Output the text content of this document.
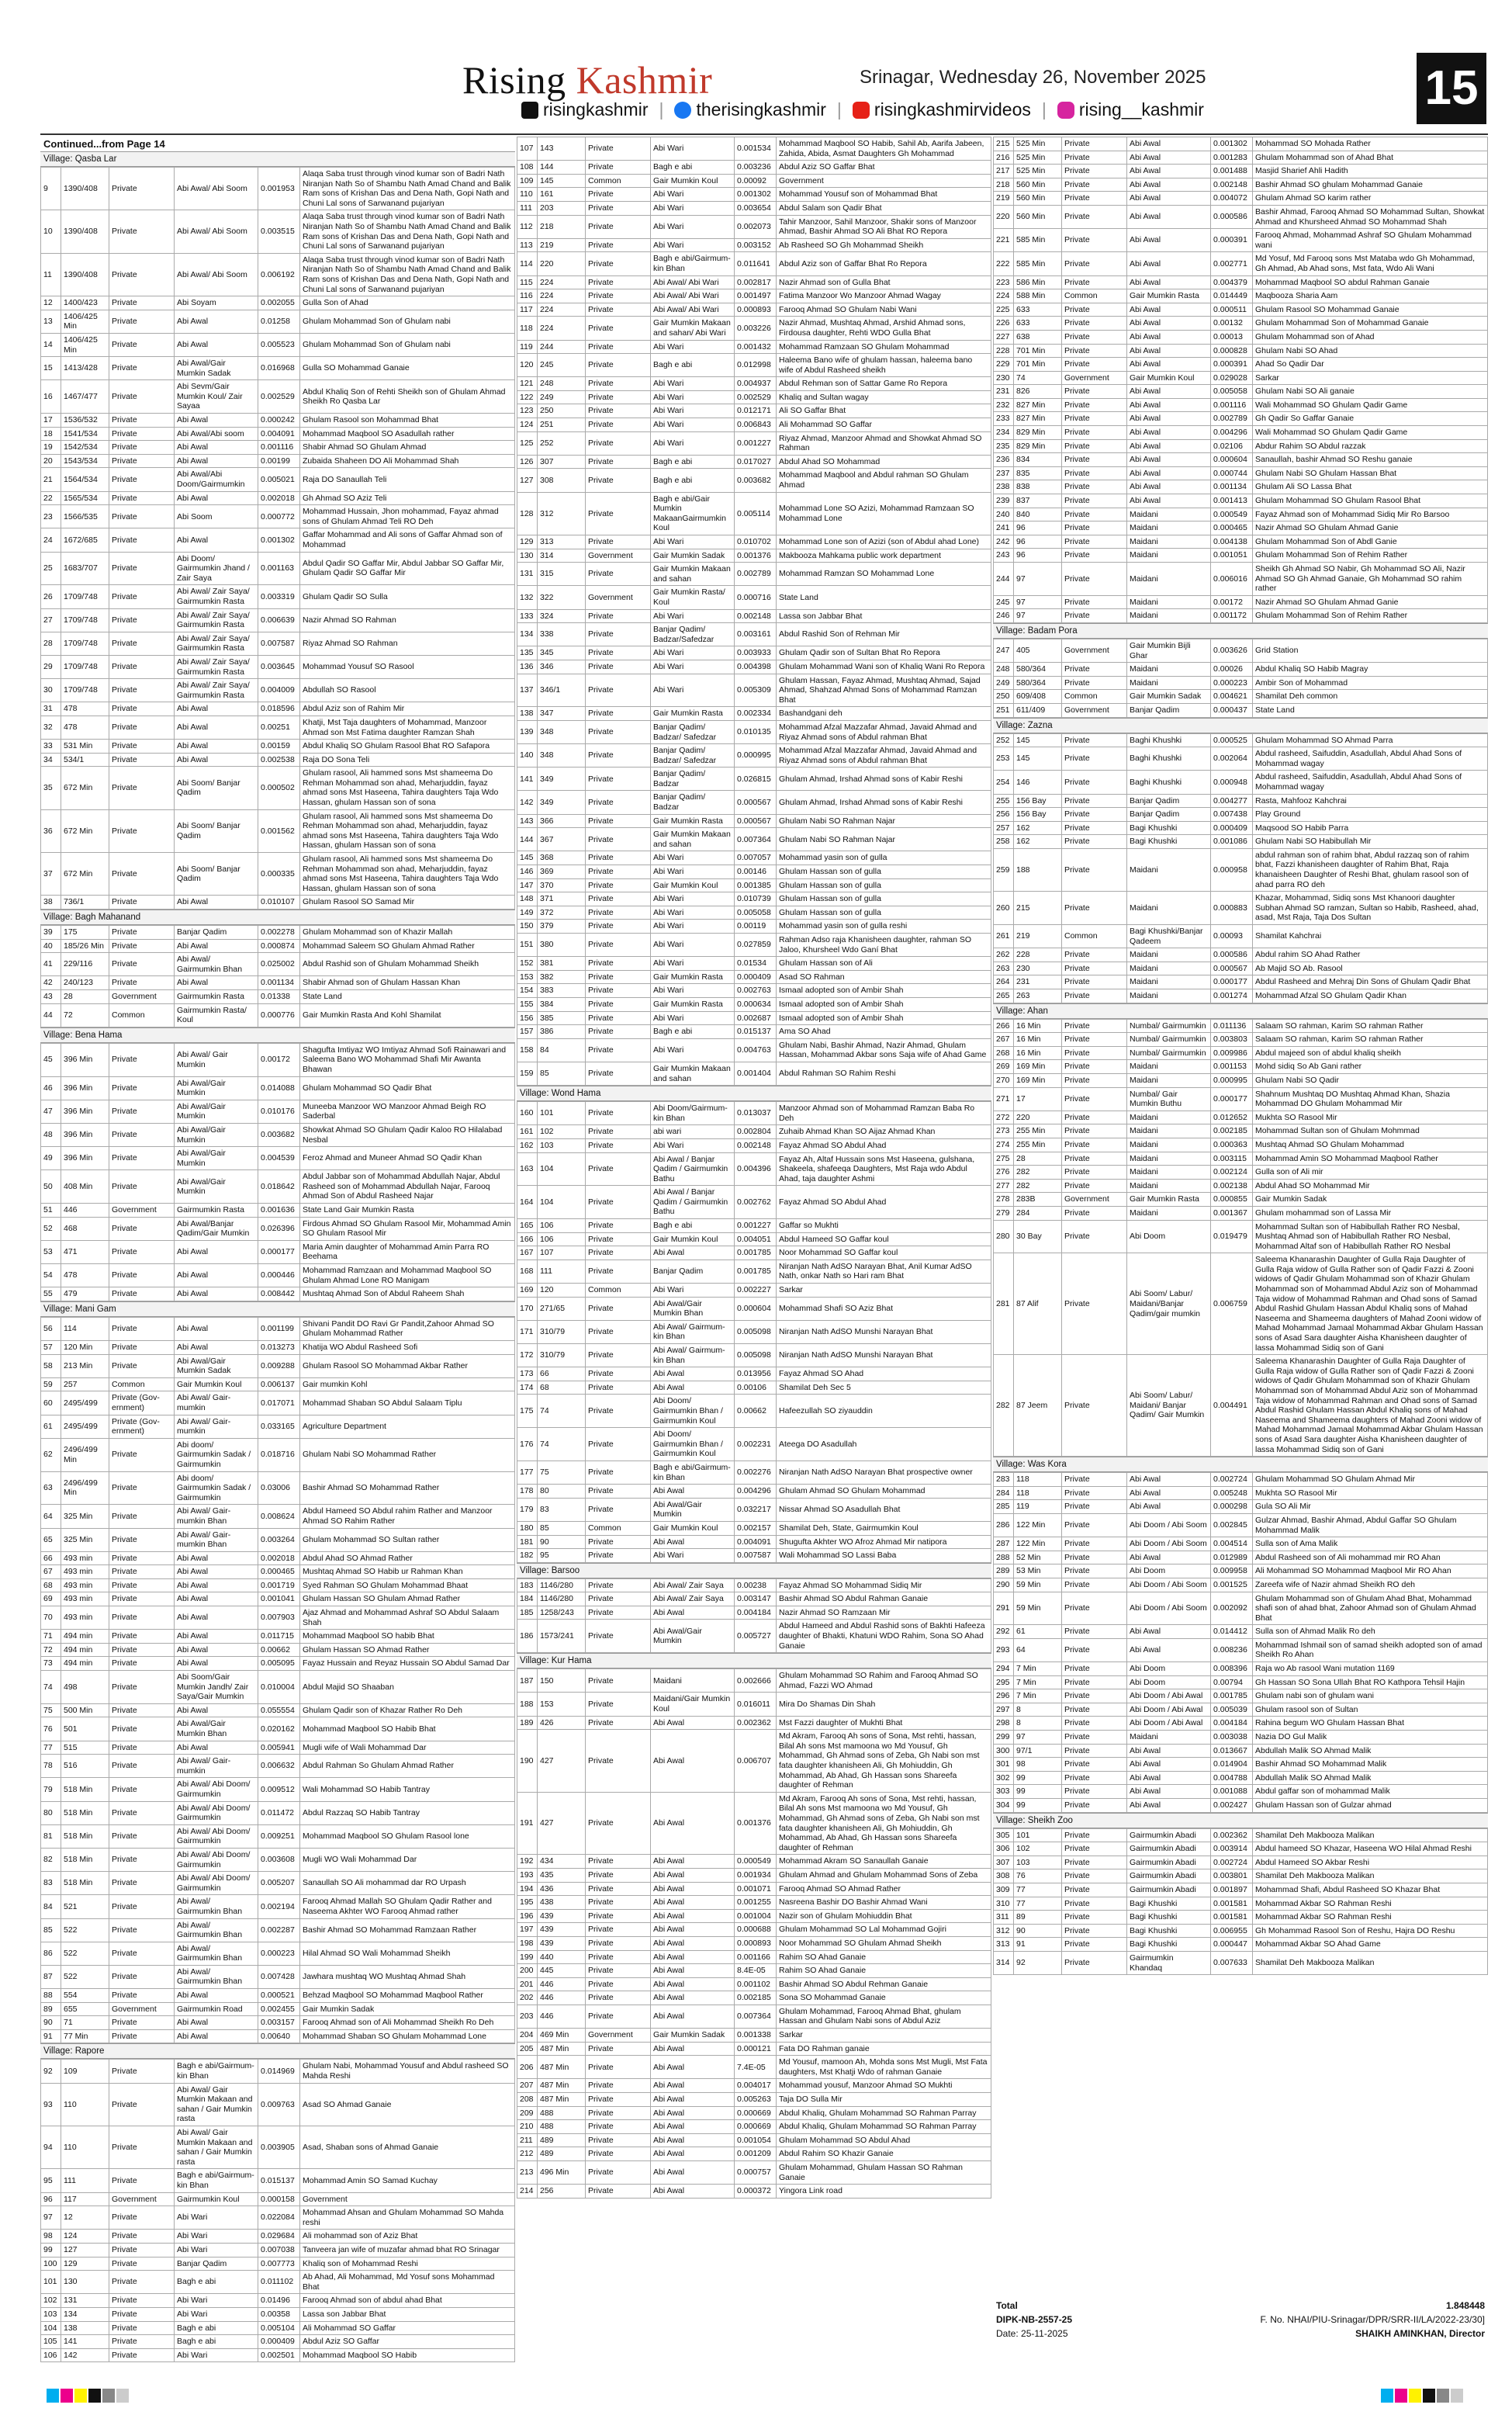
Rising Kashmir	Srinagar, Wednesday 26, November 2025
risingkashmir |	therisingkashmir |	risingkashmirvideos |	rising__kashmir	15
Continued...from Page 14
Village: Qasba Lar
9	1390/408	Private	Abi Awal/ Abi Soom	0.001953	Alaqa Saba trust through vinod kumar son of Badri Nath Niranjan Nath So of Shambu Nath Amad Chand and Balik Ram sons of Krishan Das and Dena Nath, Gopi Nath and Chuni Lal sons of Sarwanand pujariyan
10	1390/408	Private	Abi Awal/ Abi Soom	0.003515	Alaqa Saba trust through vinod kumar son of Badri Nath Niranjan Nath So of Shambu Nath Amad Chand and Balik Ram sons of Krishan Das and Dena Nath, Gopi Nath and Chuni Lal sons of Sarwanand pujariyan
11	1390/408	Private	Abi Awal/ Abi Soom	0.006192	Alaqa Saba trust through vinod kumar son of Badri Nath Niranjan Nath So of Shambu Nath Amad Chand and Balik Ram sons of Krishan Das and Dena Nath, Gopi Nath and Chuni Lal sons of Sarwanand pujariyan
12	1400/423	Private	Abi Soyam	0.002055	Gulla Son of Ahad
13	1406/425 Min	Private	Abi Awal	0.01258	Ghulam Mohammad Son of Ghulam nabi
14	1406/425 Min	Private	Abi Awal	0.005523	Ghulam Mohammad Son of Ghulam nabi
15	1413/428	Private	Abi Awal/Gair Mumkin Sadak	0.016968	Gulla SO Mohammad Ganaie
16	1467/477	Private	Abi Sevm/Gair Mumkin Koul/ Zair Sayaa	0.002529	Abdul Khaliq Son of Rehti Sheikh son of Ghulam Ahmad Sheikh Ro Qasba Lar
17	1536/532	Private	Abi Awal	0.000242	Ghulam Rasool son Mohammad Bhat
18	1541/534	Private	Abi Awal/Abi soom	0.004091	Mohammad Maqbool SO Asadullah rather
19	1542/534	Private	Abi Awal	0.001116	Shabir Ahmad SO Ghulam Ahmad
20	1543/534	Private	Abi Awal	0.00199	Zubaida Shaheen DO Ali Mohammad Shah
21	1564/534	Private	Abi Awal/Abi Doom/Gairmumkin	0.005021	Raja DO Sanaullah Teli
22	1565/534	Private	Abi Awal	0.002018	Gh Ahmad SO Aziz Teli
23	1566/535	Private	Abi Soom	0.000772	Mohammad Hussain, Jhon mohammad, Fayaz ahmad sons of Ghulam Ahmad Teli RO Deh
24	1672/685	Private	Abi Awal	0.001302	Gaffar Mohammad and Ali sons of Gaffar Ahmad son of Mohammad
25	1683/707	Private	Abi Doom/ Gairmumkin Jhand / Zair Saya	0.001163	Abdul Qadir SO Gaffar Mir, Abdul Jabbar SO Gaffar Mir, Ghulam Qadir SO Gaffar Mir
26	1709/748	Private	Abi Awal/ Zair Saya/ Gairmumkin Rasta	0.003319	Ghulam Qadir SO Sulla
27	1709/748	Private	Abi Awal/ Zair Saya/ Gairmumkin Rasta	0.006639	Nazir Ahmad SO Rahman
28	1709/748	Private	Abi Awal/ Zair Saya/ Gairmumkin Rasta	0.007587	Riyaz Ahmad SO Rahman
29	1709/748	Private	Abi Awal/ Zair Saya/ Gairmumkin Rasta	0.003645	Mohammad Yousuf SO Rasool
30	1709/748	Private	Abi Awal/ Zair Saya/ Gairmumkin Rasta	0.004009	Abdullah SO Rasool
31	478	Private	Abi Awal	0.018596	Abdul Aziz son of Rahim Mir
32	478	Private	Abi Awal	0.00251	Khatji, Mst Taja daughters of Mohammad, Manzoor Ahmad son Mst Fatima daughter Ramzan Shah
33	531 Min	Private	Abi Awal	0.00159	Abdul Khaliq SO Ghulam Rasool Bhat RO Safapora
34	534/1	Private	Abi Awal	0.002538	Raja DO Sona Teli
35	672 Min	Private	Abi Soom/ Banjar Qadim	0.000502	Ghulam rasool, Ali hammed sons Mst shameema Do Rehman Mohammad son ahad, Meharjuddin, fayaz ahmad sons Mst Haseena, Tahira daughters Taja Wdo Hassan, ghulam Hassan son of sona
36	672 Min	Private	Abi Soom/ Banjar Qadim	0.001562	Ghulam rasool, Ali hammed sons Mst shameema Do Rehman Mohammad son ahad, Meharjuddin, fayaz ahmad sons Mst Haseena, Tahira daughters Taja Wdo Hassan, ghulam Hassan son of sona
37	672 Min	Private	Abi Soom/ Banjar Qadim	0.000335	Ghulam rasool, Ali hammed sons Mst shameema Do Rehman Mohammad son ahad, Meharjuddin, fayaz ahmad sons Mst Haseena, Tahira daughters Taja Wdo Hassan, ghulam Hassan son of sona
38	736/1	Private	Abi Awal	0.010107	Ghulam Rasool SO Samad Mir
Village: Bagh Mahanand
39	175	Private	Banjar Qadim	0.002278	Ghulam Mohammad son of Khazir Mallah
40	185/26 Min	Private	Abi Awal	0.000874	Mohammad Saleem SO Ghulam Ahmad Rather
41	229/116	Private	Abi Awal/ Gairmumkin Bhan	0.025002	Abdul Rashid son of Ghulam Mohammad Sheikh
42	240/123	Private	Abi Awal	0.001134	Shabir Ahmad son of Ghulam Hassan Khan
43	28	Government	Gairmumkin Rasta	0.01338	State Land
44	72	Common	Gairmumkin Rasta/ Koul	0.000776	Gair Mumkin Rasta And Kohl Shamilat
Village: Bena Hama
45	396 Min	Private	Abi Awal/ Gair Mumkin	0.00172	Shagufta Imtiyaz WO Imtiyaz Ahmad Sofi Rainawari and Saleema Bano WO Mohammad Shafi Mir Awanta Bhawan
46	396 Min	Private	Abi Awal/Gair Mumkin	0.014088	Ghulam Mohammad SO Qadir Bhat
47	396 Min	Private	Abi Awal/Gair Mumkin	0.010176	Muneeba Manzoor WO Manzoor Ahmad Beigh RO Saderbal
48	396 Min	Private	Abi Awal/Gair Mumkin	0.003682	Showkat Ahmad SO Ghulam Qadir Kaloo RO Hilalabad Nesbal
49	396 Min	Private	Abi Awal/Gair Mumkin	0.004539	Feroz Ahmad and Muneer Ahmad SO Qadir Khan
50	408 Min	Private	Abi Awal/Gair Mumkin	0.018642	Abdul Jabbar son of Mohammad Abdullah Najar, Abdul Rasheed son of Mohammad Abdullah Najar, Farooq Ahmad Son of Abdul Rasheed Najar
51	446	Government	Gairmumkin Rasta	0.001636	State Land Gair Mumkin Rasta
52	468	Private	Abi Awal/Banjar Qadim/Gair Mumkin	0.026396	Firdous Ahmad SO Ghulam Rasool Mir, Mohammad Amin SO Ghulam Rasool Mir
53	471	Private	Abi Awal	0.000177	Maria Amin daughter of Mohammad Amin Parra RO Beehama
54	478	Private	Abi Awal	0.000446	Mohammad Ramzaan and Mohammad Maqbool SO Ghulam Ahmad Lone RO Manigam
55	479	Private	Abi Awal	0.008442	Mushtaq Ahmad Son of Abdul Raheem Shah
Village: Mani Gam
56	114	Private	Abi Awal	0.001199	Shivani Pandit DO Ravi Gr Pandit,Zahoor Ahmad SO Ghulam Mohammad Rather
57	120 Min	Private	Abi Awal	0.013273	Khatija WO Abdul Rasheed Sofi
58	213 Min	Private	Abi Awal/Gair Mumkin Sadak	0.009288	Ghulam Rasool SO Mohammad Akbar Rather
59	257	Common	Gair Mumkin Koul	0.006137	Gair mumkin Kohl
60	2495/499	Private (Gov-ernment)	Abi Awal/ Gair-mumkin	0.017071	Mohammad Shaban SO Abdul Salaam Tiplu
61	2495/499	Private (Gov-ernment)	Abi Awal/ Gair-mumkin	0.033165	Agriculture Department
62	2496/499 Min	Private	Abi doom/ Gairmumkin Sadak / Gairmumkin	0.018716	Ghulam Nabi SO Mohammad Rather
63	2496/499 Min	Private	Abi doom/ Gairmumkin Sadak / Gairmumkin	0.03006	Bashir Ahmad SO Mohammad Rather
64	325 Min	Private	Abi Awal/ Gair-mumkin Bhan	0.008624	Abdul Hameed SO Abdul rahim Rather and Manzoor Ahmad SO Rahim Rather
65	325 Min	Private	Abi Awal/ Gair-mumkin Bhan	0.003264	Ghulam Mohammad SO Sultan rather
66	493 min	Private	Abi Awal	0.002018	Abdul Ahad SO Ahmad Rather
67	493 min	Private	Abi Awal	0.000465	Mushtaq Ahmad SO Habib ur Rahman Khan
68	493 min	Private	Abi Awal	0.001719	Syed Rahman SO Ghulam Mohammad Bhaat
69	493 min	Private	Abi Awal	0.001041	Ghulam Hassan SO Ghulam Ahmad Rather
70	493 min	Private	Abi Awal	0.007903	Ajaz Ahmad and Mohammad Ashraf SO Abdul Salaam Shah
71	494 min	Private	Abi Awal	0.011715	Mohammad Maqbool SO habib Bhat
72	494 min	Private	Abi Awal	0.00662	Ghulam Hassan SO Ahmad Rather
73	494 min	Private	Abi Awal	0.005095	Fayaz Hussain and Reyaz Hussain SO Abdul Samad Dar
74	498	Private	Abi Soom/Gair Mumkin Jandh/ Zair Saya/Gair Mumkin	0.010004	Abdul Majid SO Shaaban
75	500 Min	Private	Abi Awal	0.055554	Ghulam Qadir son of Khazar Rather Ro Deh
76	501	Private	Abi Awal/Gair Mumkin Bhan	0.020162	Mohammad Maqbool SO Habib Bhat
77	515	Private	Abi Awal	0.005941	Mugli wife of Wali Mohammad Dar
78	516	Private	Abi Awal/ Gair-mumkin	0.006632	Abdul Rahman So Ghulam Ahmad Rather
79	518 Min	Private	Abi Awal/ Abi Doom/ Gairmumkin	0.009512	Wali Mohammad SO Habib Tantray
80	518 Min	Private	Abi Awal/ Abi Doom/ Gairmumkin	0.011472	Abdul Razzaq SO Habib Tantray
81	518 Min	Private	Abi Awal/ Abi Doom/ Gairmumkin	0.009251	Mohammad Maqbool SO Ghulam Rasool lone
82	518 Min	Private	Abi Awal/ Abi Doom/ Gairmumkin	0.003608	Mugli WO Wali Mohammad Dar
83	518 Min	Private	Abi Awal/ Abi Doom/ Gairmumkin	0.005207	Sanaullah SO Ali mohammad dar RO Urpash
84	521	Private	Abi Awal/ Gairmumkin Bhan	0.002194	Farooq Ahmad Mallah SO Ghulam Qadir Rather and Naseema Akhter WO Farooq Ahmad rather
85	522	Private	Abi Awal/ Gairmumkin Bhan	0.002287	Bashir Ahmad SO Mohammad Ramzaan Rather
86	522	Private	Abi Awal/ Gairmumkin Bhan	0.000223	Hilal Ahmad SO Wali Mohammad Sheikh
87	522	Private	Abi Awal/ Gairmumkin Bhan	0.007428	Jawhara mushtaq WO Mushtaq Ahmad Shah
88	554	Private	Abi Awal	0.000521	Behzad Maqbool SO Mohammad Maqbool Rather
89	655	Government	Gairmumkin Road	0.002455	Gair Mumkin Sadak
90	71	Private	Abi Awal	0.003157	Farooq Ahmad son of Ali Mohammad Sheikh Ro Deh
91	77 Min	Private	Abi Awal	0.00640	Mohammad Shaban SO Ghulam Mohammad Lone
Village: Rapore
92	109	Private	Bagh e abi/Gairmum-kin Bhan	0.014969	Ghulam Nabi, Mohammad Yousuf and Abdul rasheed SO Mahda Reshi
93	110	Private	Abi Awal/ Gair Mumkin Makaan and sahan / Gair Mumkin rasta	0.009763	Asad SO Ahmad Ganaie
94	110	Private	Abi Awal/ Gair Mumkin Makaan and sahan / Gair Mumkin rasta	0.003905	Asad, Shaban sons of Ahmad Ganaie
95	111	Private	Bagh e abi/Gairmum-kin Bhan	0.015137	Mohammad Amin SO Samad Kuchay
96	117	Government	Gairmumkin Koul	0.000158	Government
97	12	Private	Abi Wari	0.022084	Mohammad Ahsan and Ghulam Mohammad SO Mahda reshi
98	124	Private	Abi Wari	0.029684	Ali mohammad son of Aziz Bhat
99	127	Private	Abi Wari	0.007038	Tanveera jan wife of muzafar ahmad bhat RO Srinagar
100	129	Private	Banjar Qadim	0.007773	Khaliq son of Mohammad Reshi
101	130	Private	Bagh e abi	0.011102	Ab Ahad, Ali Mohammad, Md Yosuf sons Mohammad Bhat
102	131	Private	Abi Wari	0.01496	Farooq Ahmad son of abdul ahad Bhat
103	134	Private	Abi Wari	0.00358	Lassa son Jabbar Bhat
104	138	Private	Bagh e abi	0.005104	Ali Mohammad SO Gaffar
105	141	Private	Bagh e abi	0.000409	Abdul Aziz SO Gaffar
106	142	Private	Abi Wari	0.002501	Mohammad Maqbool SO Habib
107	143	Private	Abi Wari	0.001534	Mohammad Maqbool SO Habib, Sahil Ab, Aarifa Jabeen, Zahida, Abida, Asmat Daughters Gh Mohammad
108	144	Private	Bagh e abi	0.003236	Abdul Aziz SO Gaffar Bhat
109	145	Common	Gair Mumkin Koul	0.00092	Government
110	161	Private	Abi Wari	0.001302	Mohammad Yousuf son of Mohammad Bhat
111	203	Private	Abi Wari	0.003654	Abdul Salam son Qadir Bhat
112	218	Private	Abi Wari	0.002073	Tahir Manzoor, Sahil Manzoor, Shakir sons of Manzoor Ahmad, Bashir Ahmad SO Ali Bhat RO Repora
113	219	Private	Abi Wari	0.003152	Ab Rasheed SO Gh Mohammad Sheikh
114	220	Private	Bagh e abi/Gairmum-kin Bhan	0.011641	Abdul Aziz son of Gaffar Bhat Ro Repora
115	224	Private	Abi Awal/ Abi Wari	0.002817	Nazir Ahmad son of Gulla Bhat
116	224	Private	Abi Awal/ Abi Wari	0.001497	Fatima Manzoor Wo Manzoor Ahmad Wagay
117	224	Private	Abi Awal/ Abi Wari	0.000893	Farooq Ahmad SO Ghulam Nabi Wani
118	224	Private	Gair Mumkin Makaan and sahan/ Abi Wari	0.003226	Nazir Ahmad, Mushtaq Ahmad, Arshid Ahmad sons, Firdousa daughter, Rehti WDO Gulla Bhat
119	244	Private	Abi Wari	0.001432	Mohammad Ramzaan SO Ghulam Mohammad
120	245	Private	Bagh e abi	0.012998	Haleema Bano wife of ghulam hassan, haleema bano wife of Abdul Rasheed sheikh
121	248	Private	Abi Wari	0.004937	Abdul Rehman son of Sattar Game Ro Repora
122	249	Private	Abi Wari	0.002529	Khaliq and Sultan wagay
123	250	Private	Abi Wari	0.012171	Ali SO Gaffar Bhat
124	251	Private	Abi Wari	0.006843	Ali Mohammad SO Gaffar
125	252	Private	Abi Wari	0.001227	Riyaz Ahmad, Manzoor Ahmad and Showkat Ahmad SO Rahman
126	307	Private	Bagh e abi	0.017027	Abdul Ahad SO Mohammad
127	308	Private	Bagh e abi	0.003682	Mohammad Maqbool and Abdul rahman SO Ghulam Ahmad
128	312	Private	Bagh e abi/Gair Mumkin MakaanGairmumkin Koul	0.005114	Mohammad Lone SO Azizi, Mohammad Ramzaan SO Mohammad Lone
129	313	Private	Abi Wari	0.010702	Mohammad Lone son of Azizi (son of Abdul ahad Lone)
130	314	Government	Gair Mumkin Sadak	0.001376	Makbooza Mahkama public work department
131	315	Private	Gair Mumkin Makaan and sahan	0.002789	Mohammad Ramzan SO Mohammad Lone
132	322	Government	Gair Mumkin Rasta/ Koul	0.000716	State Land
133	324	Private	Abi Wari	0.002148	Lassa son Jabbar Bhat
134	338	Private	Banjar Qadim/ Badzar/Safedzar	0.003161	Abdul Rashid Son of Rehman Mir
135	345	Private	Abi Wari	0.003933	Ghulam Qadir son of Sultan Bhat Ro Repora
136	346	Private	Abi Wari	0.004398	Ghulam Mohammad Wani son of Khaliq Wani Ro Repora
137	346/1	Private	Abi Wari	0.005309	Ghulam Hassan, Fayaz Ahmad, Mushtaq Ahmad, Sajad Ahmad, Shahzad Ahmad Sons of Mohammad Ramzan Bhat
138	347	Private	Gair Mumkin Rasta	0.002334	Bashandgani deh
139	348	Private	Banjar Qadim/ Badzar/ Safedzar	0.010135	Mohammad Afzal Mazzafar Ahmad, Javaid Ahmad and Riyaz Ahmad sons of Abdul rahman Bhat
140	348	Private	Banjar Qadim/ Badzar/ Safedzar	0.000995	Mohammad Afzal Mazzafar Ahmad, Javaid Ahmad and Riyaz Ahmad sons of Abdul rahman Bhat
141	349	Private	Banjar Qadim/ Badzar	0.026815	Ghulam Ahmad, Irshad Ahmad sons of Kabir Reshi
142	349	Private	Banjar Qadim/ Badzar	0.000567	Ghulam Ahmad, Irshad Ahmad sons of Kabir Reshi
143	366	Private	Gair Mumkin Rasta	0.000567	Ghulam Nabi SO Rahman Najar
144	367	Private	Gair Mumkin Makaan and sahan	0.007364	Ghulam Nabi SO Rahman Najar
145	368	Private	Abi Wari	0.007057	Mohammad yasin son of gulla
146	369	Private	Abi Wari	0.00146	Ghulam Hassan son of gulla
147	370	Private	Gair Mumkin Koul	0.001385	Ghulam Hassan son of gulla
148	371	Private	Abi Wari	0.010739	Ghulam Hassan son of gulla
149	372	Private	Abi Wari	0.005058	Ghulam Hassan son of gulla
150	379	Private	Abi Wari	0.00119	Mohammad yasin son of gulla reshi
151	380	Private	Abi Wari	0.027859	Rahman Adso raja Khanisheen daughter, rahman SO Jaloo, Khursheel Wdo Ganí Bhat
152	381	Private	Abi Wari	0.01534	Ghulam Hassan son of Ali
153	382	Private	Gair Mumkin Rasta	0.000409	Asad SO Rahman
154	383	Private	Abi Wari	0.002763	Ismaal adopted son of Ambir Shah
155	384	Private	Gair Mumkin Rasta	0.000634	Ismaal adopted son of Ambir Shah
156	385	Private	Abi Wari	0.002687	Ismaal adopted son of Ambir Shah
157	386	Private	Bagh e abi	0.015137	Ama SO Ahad
158	84	Private	Abi Wari	0.004763	Ghulam Nabi, Bashir Ahmad, Nazir Ahmad, Ghulam Hassan, Mohammad Akbar sons Saja wife of Ahad Game
159	85	Private	Gair Mumkin Makaan and sahan	0.001404	Abdul Rahman SO Rahim Reshi
Village: Wond Hama
160	101	Private	Abi Doom/Gairmum-kin Bhan	0.013037	Manzoor Ahmad son of Mohammad Ramzan Baba Ro Deh
161	102	Private	abi wari	0.002804	Zuhaib Ahmad Khan SO Aijaz Ahmad Khan
162	103	Private	Abi Wari	0.002148	Fayaz Ahmad SO Abdul Ahad
163	104	Private	Abi Awal / Banjar Qadim / Gairmumkin Bathu	0.004396	Fayaz Ah, Altaf Hussain sons Mst Haseena, gulshana, Shakeela, shafeeqa Daughters, Mst Raja wdo Abdul Ahad, taja daughter Ashmi
164	104	Private	Abi Awal / Banjar Qadim / Gairmumkin Bathu	0.002762	Fayaz Ahmad SO Abdul Ahad
165	106	Private	Bagh e abi	0.001227	Gaffar so Mukhti
166	106	Private	Gair Mumkin Koul	0.004051	Abdul Hameed SO Gaffar koul
167	107	Private	Abi Awal	0.001785	Noor Mohammad SO Gaffar koul
168	111	Private	Banjar Qadim	0.001785	Niranjan Nath AdSO Narayan Bhat, Anil Kumar AdSO Nath, onkar Nath so Hari ram Bhat
169	120	Common	Abi Wari	0.002227	Sarkar
170	271/65	Private	Abi Awal/Gair Mumkin Bhan	0.000604	Mohammad Shafi SO Aziz Bhat
171	310/79	Private	Abi Awal/ Gairmum-kin Bhan	0.005098	Niranjan Nath AdSO Munshi Narayan Bhat
172	310/79	Private	Abi Awal/ Gairmum-kin Bhan	0.005098	Niranjan Nath AdSO Munshi Narayan Bhat
173	66	Private	Abi Awal	0.013956	Fayaz Ahmad SO Ahad
174	68	Private	Abi Awal	0.00106	Shamilat Deh Sec 5
175	74	Private	Abi Doom/ Gairmumkin Bhan / Gairmumkin Koul	0.00662	Hafeezullah SO ziyauddin
176	74	Private	Abi Doom/ Gairmumkin Bhan / Gairmumkin Koul	0.002231	Ateega DO Asadullah
177	75	Private	Bagh e abi/Gairmum-kin Bhan	0.002276	Niranjan Nath AdSO Narayan Bhat prospective owner
178	80	Private	Abi Awal	0.004296	Ghulam Ahmad SO Ghulam Mohammad
179	83	Private	Abi Awal/Gair Mumkin	0.032217	Nissar Ahmad SO Asadullah Bhat
180	85	Common	Gair Mumkin Koul	0.002157	Shamilat Deh, State, Gairmumkin Koul
181	90	Private	Abi Awal	0.004091	Shugufta Akhter WO Afroz Ahmad Mir natipora
182	95	Private	Abi Wari	0.007587	Wali Mohammad SO Lassi Baba
Village: Barsoo
183	1146/280	Private	Abi Awal/ Zair Saya	0.00238	Fayaz Ahmad SO Mohammad Sidiq Mir
184	1146/280	Private	Abi Awal/ Zair Saya	0.003147	Bashir Ahmad SO Abdul Rahman Ganaie
185	1258/243	Private	Abi Awal	0.004184	Nazir Ahmad SO Ramzaan Mir
186	1573/241	Private	Abi Awal/Gair Mumkin	0.005727	Abdul Hameed and Abdul Rashid sons of Bakhti Hafeeza daughter of Bhakti, Khatuni WDO Rahim, Sona SO Ahad Ganaie
Village: Kur Hama
187	150	Private	Maidani	0.002666	Ghulam Mohammad SO Rahim and Farooq Ahmad SO Ahmad, Fazzi WO Ahmad
188	153	Private	Maidani/Gair Mumkin Koul	0.016011	Mira Do Shamas Din Shah
189	426	Private	Abi Awal	0.002362	Mst Fazzi daughter of Mukhti Bhat
190	427	Private	Abi Awal	0.006707	Md Akram, Farooq Ah sons of Sona, Mst rehti, hassan, Bilal Ah sons Mst mamoona wo Md Yousuf, Gh Mohammad, Gh Ahmad sons of Zeba, Gh Nabi son mst fata daughter khanisheen Ali, Gh Mohiuddin, Gh Mohammad, Ab Ahad, Gh Hassan sons Shareefa daughter of Rehman
191	427	Private	Abi Awal	0.001376	Md Akram, Farooq Ah sons of Sona, Mst rehti, hassan, Bilal Ah sons Mst mamoona wo Md Yousuf, Gh Mohammad, Gh Ahmad sons of Zeba, Gh Nabi son mst fata daughter khanisheen Ali, Gh Mohiuddin, Gh Mohammad, Ab Ahad, Gh Hassan sons Shareefa daughter of Rehman
192	434	Private	Abi Awal	0.000549	Mohammad Akram SO Sanaullah Ganaie
193	435	Private	Abi Awal	0.001934	Ghulam Ahmad and Ghulam Mohammad Sons of Zeba
194	436	Private	Abi Awal	0.001071	Farooq Ahmad SO Ahmad Rather
195	438	Private	Abi Awal	0.001255	Nasreena Bashir DO Bashir Ahmad Wani
196	439	Private	Abi Awal	0.001004	Nazir son of Ghulam Mohiuddin Bhat
197	439	Private	Abi Awal	0.000688	Ghulam Mohammad SO Lal Mohammad Gojiri
198	439	Private	Abi Awal	0.000893	Noor Mohammad SO Ghulam Ahmad Sheikh
199	440	Private	Abi Awal	0.001166	Rahim SO Ahad Ganaie
200	445	Private	Abi Awal	8.4E-05	Rahim SO Ahad Ganaie
201	446	Private	Abi Awal	0.001102	Bashir Ahmad SO Abdul Rehman Ganaie
202	446	Private	Abi Awal	0.002185	Sona SO Mohammad Ganaie
203	446	Private	Abi Awal	0.007364	Ghulam Mohammad, Farooq Ahmad Bhat, ghulam Hassan and Ghulam Nabi sons of Abdul Aziz
204	469 Min	Government	Gair Mumkin Sadak	0.001338	Sarkar
205	487 Min	Private	Abi Awal	0.000121	Fata DO Rahman ganaie
206	487 Min	Private	Abi Awal	7.4E-05	Md Yousuf, mamoon Ah, Mohda sons Mst Mugli, Mst Fata daughters, Mst Khatji Wdo of rahman Ganaie
207	487 Min	Private	Abi Awal	0.004017	Mohammad yousuf, Manzoor Ahmad SO Mukhti
208	487 Min	Private	Abi Awal	0.005263	Taja DO Sulla Mir
209	488	Private	Abi Awal	0.000669	Abdul Khaliq, Ghulam Mohammad SO Rahman Parray
210	488	Private	Abi Awal	0.000669	Abdul Khaliq, Ghulam Mohammad SO Rahman Parray
211	489	Private	Abi Awal	0.001054	Ghulam Mohammad SO Abdul Ahad
212	489	Private	Abi Awal	0.001209	Abdul Rahim SO Khazir Ganaie
213	496 Min	Private	Abi Awal	0.000757	Ghulam Mohammad, Ghulam Hassan SO Rahman Ganaie
214	256	Private	Abi Awal	0.000372	Yingora Link road
215	525 Min	Private	Abi Awal	0.001302	Mohammad SO Mohada Rather
216	525 Min	Private	Abi Awal	0.001283	Ghulam Mohammad son of Ahad Bhat
217	525 Min	Private	Abi Awal	0.001488	Masjid Sharief Ahli Hadith
218	560 Min	Private	Abi Awal	0.002148	Bashir Ahmad SO ghulam Mohammad Ganaie
219	560 Min	Private	Abi Awal	0.004072	Ghulam Ahmad SO karim rather
220	560 Min	Private	Abi Awal	0.000586	Bashir Ahmad, Farooq Ahmad SO Mohammad Sultan, Showkat Ahmad and Khursheed Ahmad SO Mohammad Shah
221	585 Min	Private	Abi Awal	0.000391	Farooq Ahmad, Mohammad Ashraf SO Ghulam Mohammad wani
222	585 Min	Private	Abi Awal	0.002771	Md Yosuf, Md Farooq sons Mst Mataba wdo Gh Mohammad, Gh Ahmad, Ab Ahad sons, Mst fata, Wdo Ali Wani
223	586 Min	Private	Abi Awal	0.004379	Mohammad Maqbool SO abdul Rahman Ganaie
224	588 Min	Common	Gair Mumkin Rasta	0.014449	Maqbooza Sharia Aam
225	633	Private	Abi Awal	0.000511	Ghulam Rasool SO Mohammad Ganaie
226	633	Private	Abi Awal	0.00132	Ghulam Mohammad Son of Mohammad Ganaie
227	638	Private	Abi Awal	0.00013	Ghulam Mohammad son of Ahad
228	701 Min	Private	Abi Awal	0.000828	Ghulam Nabi SO Ahad
229	701 Min	Private	Abi Awal	0.000391	Ahad So Qadir Dar
230	74	Government	Gair Mumkin Koul	0.029028	Sarkar
231	826	Private	Abi Awal	0.005058	Ghulam Nabi SO Ali ganaie
232	827 Min	Private	Abi Awal	0.001116	Wali Mohammad SO Ghulam Qadir Game
233	827 Min	Private	Abi Awal	0.002789	Gh Qadir So Gaffar Ganaie
234	829 Min	Private	Abi Awal	0.004296	Wali Mohammad SO Ghulam Qadir Game
235	829 Min	Private	Abi Awal	0.02106	Abdur Rahim SO Abdul razzak
236	834	Private	Abi Awal	0.000604	Sanaullah, bashir Ahmad SO Reshu ganaie
237	835	Private	Abi Awal	0.000744	Ghulam Nabi SO Ghulam Hassan Bhat
238	838	Private	Abi Awal	0.001134	Ghulam Ali SO Lassa Bhat
239	837	Private	Abi Awal	0.001413	Ghulam Mohammad SO Ghulam Rasool Bhat
240	840	Private	Maidani	0.000549	Fayaz Ahmad son of Mohammad Sidiq Mir Ro Barsoo
241	96	Private	Maidani	0.000465	Nazir Ahmad SO Ghulam Ahmad Ganie
242	96	Private	Maidani	0.004138	Ghulam Mohammad Son of Abdl Ganie
243	96	Private	Maidani	0.001051	Ghulam Mohammad Son of Rehim Rather
244	97	Private	Maidani	0.006016	Sheikh Gh Ahmad SO Nabir, Gh Mohammad SO Ali, Nazir Ahmad SO Gh Ahmad Ganaie, Gh Mohammad SO rahim rather
245	97	Private	Maidani	0.00172	Nazir Ahmad SO Ghulam Ahmad Ganie
246	97	Private	Maidani	0.001172	Ghulam Mohammad Son of Rehim Rather
Village: Badam Pora
247	405	Government	Gair Mumkin Bijli Ghar	0.003626	Grid Station
248	580/364	Private	Maidani	0.00026	Abdul Khaliq SO Habib Magray
249	580/364	Private	Maidani	0.000223	Ambir Son of Mohammad
250	609/408	Common	Gair Mumkin Sadak	0.004621	Shamilat Deh common
251	611/409	Government	Banjar Qadim	0.000437	State Land
Village: Zazna
252	145	Private	Baghi Khushki	0.000525	Ghulam Mohammad SO Ahmad Parra
253	145	Private	Baghi Khushki	0.002064	Abdul rasheed, Saifuddin, Asadullah, Abdul Ahad Sons of Mohammad wagay
254	146	Private	Baghi Khushki	0.000948	Abdul rasheed, Saifuddin, Asadullah, Abdul Ahad Sons of Mohammad wagay
255	156 Bay	Private	Banjar Qadim	0.004277	Rasta, Mahfooz Kahchrai
256	156 Bay	Private	Banjar Qadim	0.007438	Play Ground
257	162	Private	Bagi Khushki	0.000409	Maqsood SO Habib Parra
258	162	Private	Bagi Khushki	0.001086	Ghulam Nabi SO Habibullah Mir
259	188	Private	Maidani	0.000958	abdul rahman son of rahim bhat, Abdul razzaq son of rahim bhat, Fazzi khanisheen daughter of Rahim Bhat, Raja khanaisheen Daughter of Reshi Bhat, ghulam rasool son of ahad parra RO deh
260	215	Private	Maidani	0.000883	Khazar, Mohammad, Sidiq sons Mst Khanoori daughter Subhan Ahmad SO ramzan, Sultan so Habib, Rasheed, ahad, asad, Mst Raja, Taja Dos Sultan
261	219	Common	Bagi Khushki/Banjar Qadeem	0.00093	Shamilat Kahchrai
262	228	Private	Maidani	0.000586	Abdul rahim SO Ahad Rather
263	230	Private	Maidani	0.000567	Ab Majid SO Ab. Rasool
264	231	Private	Maidani	0.000177	Abdul Rasheed and Mehraj Din Sons of Ghulam Qadir Bhat
265	263	Private	Maidani	0.001274	Mohammad Afzal SO Ghulam Qadir Khan
Village: Ahan
266	16 Min	Private	Numbal/ Gairmumkin	0.011136	Salaam SO rahman, Karim SO rahman Rather
267	16 Min	Private	Numbal/ Gairmumkin	0.003803	Salaam SO rahman, Karim SO rahman Rather
268	16 Min	Private	Numbal/ Gairmumkin	0.009986	Abdul majeed son of abdul khaliq sheikh
269	169 Min	Private	Maidani	0.001153	Mohd sidiq So Ab Gani rather
270	169 Min	Private	Maidani	0.000995	Ghulam Nabi SO Qadir
271	17	Private	Numbal/ Gair Mumkin Buthu	0.000177	Shahnum Mushtaq DO Mushtaq Ahmad Khan, Shazia Mohammad DO Ghulam Mohammad Mir
272	220	Private	Maidani	0.012652	Mukhta SO Rasool Mir
273	255 Min	Private	Maidani	0.002185	Mohammad Sultan son of Ghulam Mohmmad
274	255 Min	Private	Maidani	0.000363	Mushtaq Ahmad SO Ghulam Mohammad
275	28	Private	Maidani	0.003115	Mohammad Amin SO Mohammad Maqbool Rather
276	282	Private	Maidani	0.002124	Gulla son of Ali mir
277	282	Private	Maidani	0.002138	Abdul Ahad SO Mohammad Mir
278	283B	Government	Gair Mumkin Rasta	0.000855	Gair Mumkin Sadak
279	284	Private	Maidani	0.001367	Ghulam mohammad son of Lassa Mir
280	30 Bay	Private	Abi Doom	0.019479	Mohammad Sultan son of Habibullah Rather RO Nesbal, Mushtaq Ahmad son of Habibullah Rather RO Nesbal, Mohammad Altaf son of Habibullah Rather RO Nesbal
281	87 Alif	Private	Abi Soom/ Labur/ Maidani/Banjar Qadim/gair mumkin	0.006759	Saleema Khanarashin Daughter of Gulla Raja Daughter of Gulla Raja widow of Gulla Rather son of Qadir Fazzi & Zooni widows of Qadir Ghulam Mohammad son of Khazir Ghulam Mohammad son of Mohammad Abdul Aziz son of Mohammad Taja widow of Mohammad Rahman and Ohad sons of Samad Abdul Rashid Ghulam Hassan Abdul Khaliq sons of Mahad Naseema and Shameema daughters of Mahad Zooni widow of Mahad Mohammad Jamaal Mohammad Akbar Ghulam Hassan sons of Asad Sara daughter Aisha Khanisheen daughter of lassa Mohammad Sidiq son of Gani
282	87 Jeem	Private	Abi Soom/ Labur/ Maidani/ Banjar Qadim/ Gair Mumkin	0.004491	Saleema Khanarashin Daughter of Gulla Raja Daughter of Gulla Raja widow of Gulla Rather son of Qadir Fazzi & Zooni widows of Qadir Ghulam Mohammad son of Khazir Ghulam Mohammad son of Mohammad Abdul Aziz son of Mohammad Taja widow of Mohammad Rahman and Ohad sons of Samad Abdul Rashid Ghulam Hassan Abdul Khaliq sons of Mahad Naseema and Shameema daughters of Mahad Zooni widow of Mahad Mohammad Jamaal Mohammad Akbar Ghulam Hassan sons of Asad Sara daughter Aisha Khanisheen daughter of lassa Mohammad Sidiq son of Gani
Village: Was Kora
283	118	Private	Abi Awal	0.002724	Ghulam Mohammad SO Ghulam Ahmad Mir
284	118	Private	Abi Awal	0.005248	Mukhta SO Rasool Mir
285	119	Private	Abi Awal	0.000298	Gula SO Ali Mir
286	122 Min	Private	Abi Doom / Abi Soom	0.002845	Gulzar Ahmad, Bashir Ahmad, Abdul Gaffar SO Ghulam Mohammad Malik
287	122 Min	Private	Abi Doom / Abi Soom	0.004514	Sulla son of Ama Malik
288	52 Min	Private	Abi Awal	0.012989	Abdul Rasheed son of Ali mohammad mir RO Ahan
289	53 Min	Private	Abi Doom	0.009958	Ali Mohammad SO Mohammad Maqbool Mir RO Ahan
290	59 Min	Private	Abi Doom / Abi Soom	0.001525	Zareefa wife of Nazir ahmad Sheikh RO deh
291	59 Min	Private	Abi Doom / Abi Soom	0.002092	Ghulam Mohammad son of Ghulam Ahad Bhat, Mohammad shafi son of ahad bhat, Zahoor Ahmad son of Ghulam Ahmad Bhat
292	61	Private	Abi Awal	0.014412	Sulla son of Ahmad Malik Ro deh
293	64	Private	Abi Awal	0.008236	Mohammad Ishmail son of samad sheikh adopted son of amad Sheikh Ro Ahan
294	7 Min	Private	Abi Doom	0.008396	Raja wo Ab rasool Wani mutation 1169
295	7 Min	Private	Abi Doom	0.00794	Gh Hassan SO Sona Ullah Bhat RO Kathpora Tehsil Hajin
296	7 Min	Private	Abi Doom / Abi Awal	0.001785	Ghulam nabi son of ghulam wani
297	8	Private	Abi Doom / Abi Awal	0.005039	Ghulam rasool son of Sultan
298	8	Private	Abi Doom / Abi Awal	0.004184	Rahina begum WO Ghulam Hassan Bhat
299	97	Private	Maidani	0.003038	Nazia DO Gul Malik
300	97/1	Private	Abi Awal	0.013667	Abdullah Malik SO Ahmad Malik
301	98	Private	Abi Awal	0.014904	Bashir Ahmad SO Mohammad Malik
302	99	Private	Abi Awal	0.004788	Abdullah Malik SO Ahmad Malik
303	99	Private	Abi Awal	0.001088	Abdul gaffar son of mohammad Malik
304	99	Private	Abi Awal	0.002427	Ghulam Hassan son of Gulzar ahmad
Village: Sheikh Zoo
305	101	Private	Gairmumkin Abadi	0.002362	Shamilat Deh Makbooza Malikan
306	102	Private	Gairmumkin Abadi	0.003914	Abdul hameed SO Khazar, Haseena WO Hilal Ahmad Reshi
307	103	Private	Gairmumkin Abadi	0.002724	Abdul Hameed SO Akbar Reshi
308	76	Private	Gairmumkin Abadi	0.003801	Shamilat Deh Makbooza Malikan
309	77	Private	Gairmumkin Abadi	0.001897	Mohammad Shafi, Abdul Rasheed SO Khazar Bhat
310	77	Private	Bagi Khushki	0.001581	Mohammad Akbar SO Rahman Reshi
311	89	Private	Bagi Khushki	0.001581	Mohammad Akbar SO Rahman Reshi
312	90	Private	Bagi Khushki	0.006955	Gh Mohammad Rasool Son of Reshu, Hajra DO Reshu
313	91	Private	Bagi Khushki	0.000447	Mohammad Akbar SO Ahad Game
314	92	Private	Gairmumkin Khandaq	0.007633	Shamilat Deh Makbooza Malikan
Total	1.848448
DIPK-NB-2557-25	F. No. NHAI/PIU-Srinagar/DPR/SRR-II/LA/2022-23/30]
Date: 25-11-2025	SHAIKH AMINKHAN, Director
